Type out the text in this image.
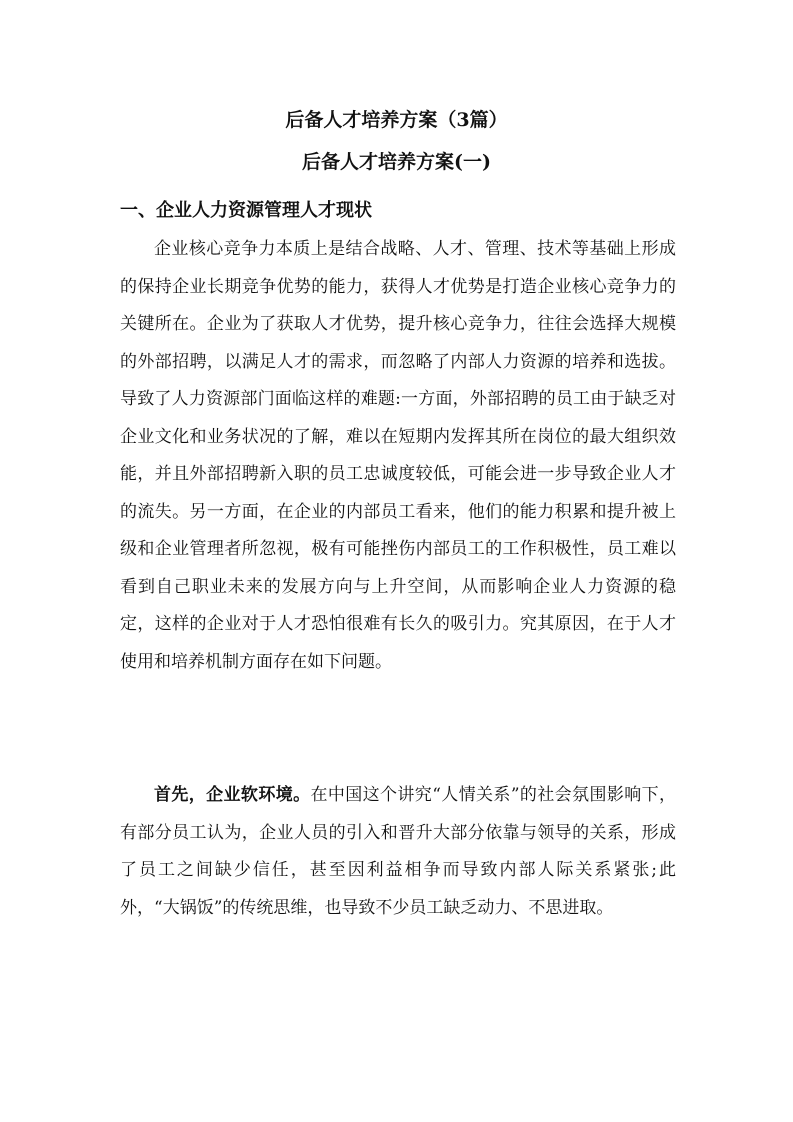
后备人才培养方案（3篇）
后备人才培养方案(一)
一、企业人力资源管理人才现状

企业核心竞争力本质上是结合战略、人才、管理、技术等基础上形成的保持企业长期竞争优势的能力，获得人才优势是打造企业核心竞争力的关键所在。企业为了获取人才优势，提升核心竞争力，往往会选择大规模的外部招聘，以满足人才的需求，而忽略了内部人力资源的培养和选拔。导致了人力资源部门面临这样的难题:一方面，外部招聘的员工由于缺乏对企业文化和业务状况的了解，难以在短期内发挥其所在岗位的最大组织效能，并且外部招聘新入职的员工忠诚度较低，可能会进一步导致企业人才的流失。另一方面，在企业的内部员工看来，他们的能力积累和提升被上级和企业管理者所忽视，极有可能挫伤内部员工的工作积极性，员工难以看到自己职业未来的发展方向与上升空间，从而影响企业人力资源的稳定，这样的企业对于人才恐怕很难有长久的吸引力。究其原因，在于人才使用和培养机制方面存在如下问题。

首先，企业软环境。在中国这个讲究“人情关系”的社会氛围影响下，有部分员工认为，企业人员的引入和晋升大部分依靠与领导的关系，形成了员工之间缺少信任，甚至因利益相争而导致内部人际关系紧张;此外，“大锅饭”的传统思维，也导致不少员工缺乏动力、不思进取。
